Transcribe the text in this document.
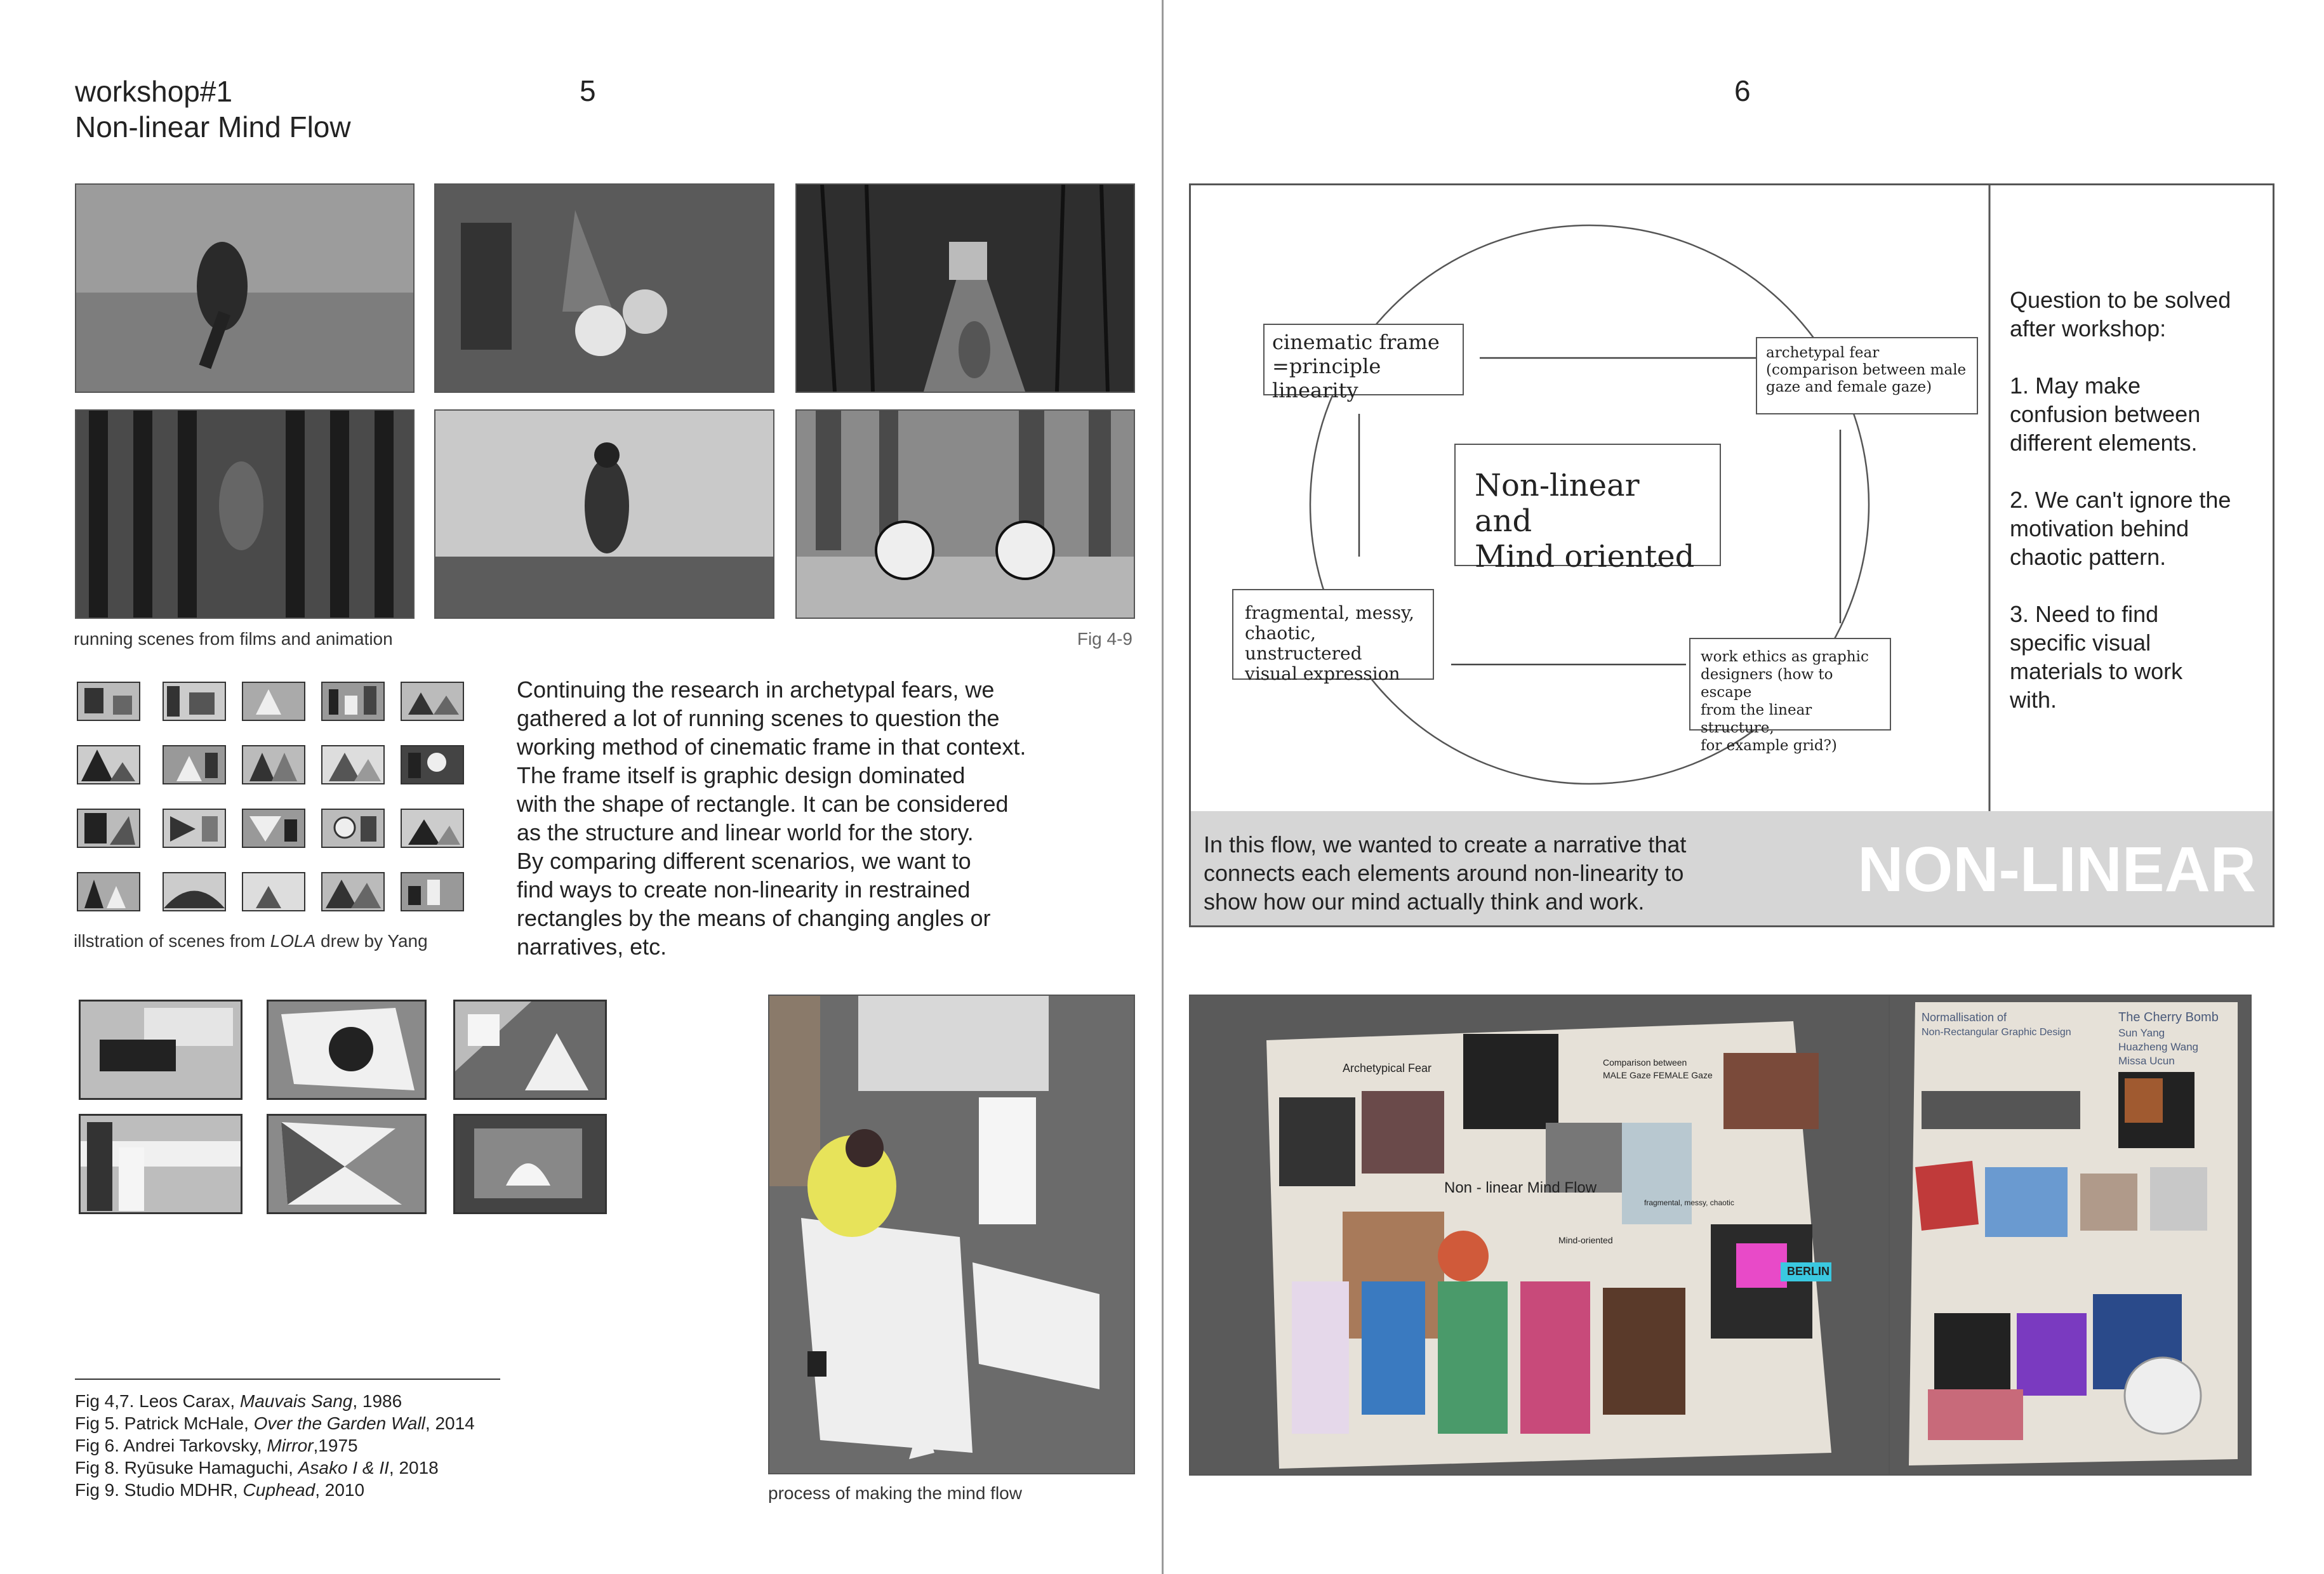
workshop#1
Non-linear Mind Flow
5
running scenes from films and animation	Fig 4-9
illstration of scenes from LOLA drew by Yang
Continuing the research in archetypal fears, we
gathered a lot of running scenes to question the
working method of cinematic frame in that context.
The frame itself is graphic design dominated
with the shape of rectangle. It can be considered
as the structure and linear world for the story.
By comparing different scenarios, we want to
find ways to create non-linearity in restrained
rectangles by the means of changing angles or
narratives, etc.
process of making the mind flow
Fig 4,7. Leos Carax, Mauvais Sang, 1986
Fig 5. Patrick McHale, Over the Garden Wall, 2014
Fig 6. Andrei Tarkovsky, Mirror,1975
Fig 8. Ryūsuke Hamaguchi, Asako I & II, 2018
Fig 9. Studio MDHR, Cuphead, 2010
6
Non-linear and
Mind oriented
cinematic frame
=principle linearity
archetypal fear
(comparison between male
gaze and female gaze)
fragmental, messy,
chaotic, unstructered
visual expression
work ethics as graphic
designers (how to escape
from the linear structure,
for example grid?)
Question to be solved
after workshop:
1. May make
confusion between
different elements.
2. We can't ignore the
motivation behind
chaotic pattern.
3. Need to find
specific visual
materials to work
with.
In this flow, we wanted to create a narrative that
connects each elements around non-linearity to
show how our mind actually think and work.	NON-LINEAR
Archetypical Fear	Comparison between
MALE Gaze FEMALE Gaze
Non - linear Mind Flow
fragmental, messy, chaotic
Mind-oriented
BERLIN
Normallisation of
Non-Rectangular Graphic Design
The Cherry Bomb
Sun Yang
Huazheng Wang
Missa Ucun
